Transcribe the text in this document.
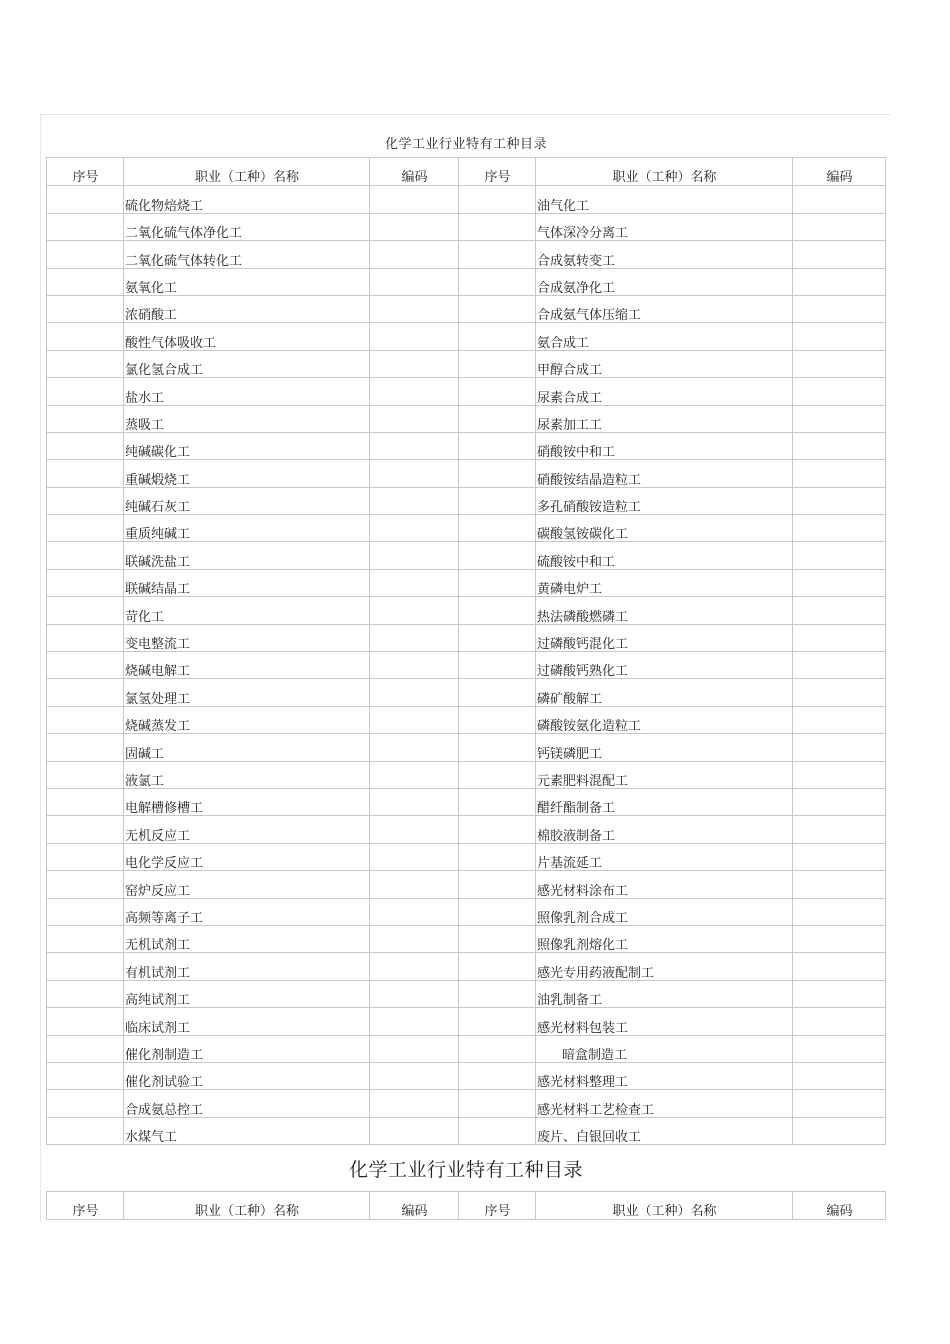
化学工业行业特有工种目录
序号	职业（工种）名称	编码	序号	职业（工种）名称	编码
	硫化物焙烧工			油气化工	
	二氧化硫气体净化工			气体深冷分离工	
	二氧化硫气体转化工			合成氨转变工	
	氨氧化工			合成氨净化工	
	浓硝酸工			合成氨气体压缩工	
	酸性气体吸收工			氨合成工	
	氯化氢合成工			甲醇合成工	
	盐水工			尿素合成工	
	蒸吸工			尿素加工工	
	纯碱碳化工			硝酸铵中和工	
	重碱煅烧工			硝酸铵结晶造粒工	
	纯碱石灰工			多孔硝酸铵造粒工	
	重质纯碱工			碳酸氢铵碳化工	
	联碱洗盐工			硫酸铵中和工	
	联碱结晶工			黄磷电炉工	
	苛化工			热法磷酸燃磷工	
	变电整流工			过磷酸钙混化工	
	烧碱电解工			过磷酸钙熟化工	
	氯氢处理工			磷矿酸解工	
	烧碱蒸发工			磷酸铵氨化造粒工	
	固碱工			钙镁磷肥工	
	液氯工			元素肥料混配工	
	电解槽修槽工			醋纤酯制备工	
	无机反应工			棉胶液制备工	
	电化学反应工			片基流延工	
	窑炉反应工			感光材料涂布工	
	高频等离子工			照像乳剂合成工	
	无机试剂工			照像乳剂熔化工	
	有机试剂工			感光专用药液配制工	
	高纯试剂工			油乳制备工	
	临床试剂工			感光材料包装工	
	催化剂制造工			暗盒制造工	
	催化剂试验工			感光材料整理工	
	合成氨总控工			感光材料工艺检查工	
	水煤气工			废片、白银回收工	
化学工业行业特有工种目录
序号	职业（工种）名称	编码	序号	职业（工种）名称	编码
